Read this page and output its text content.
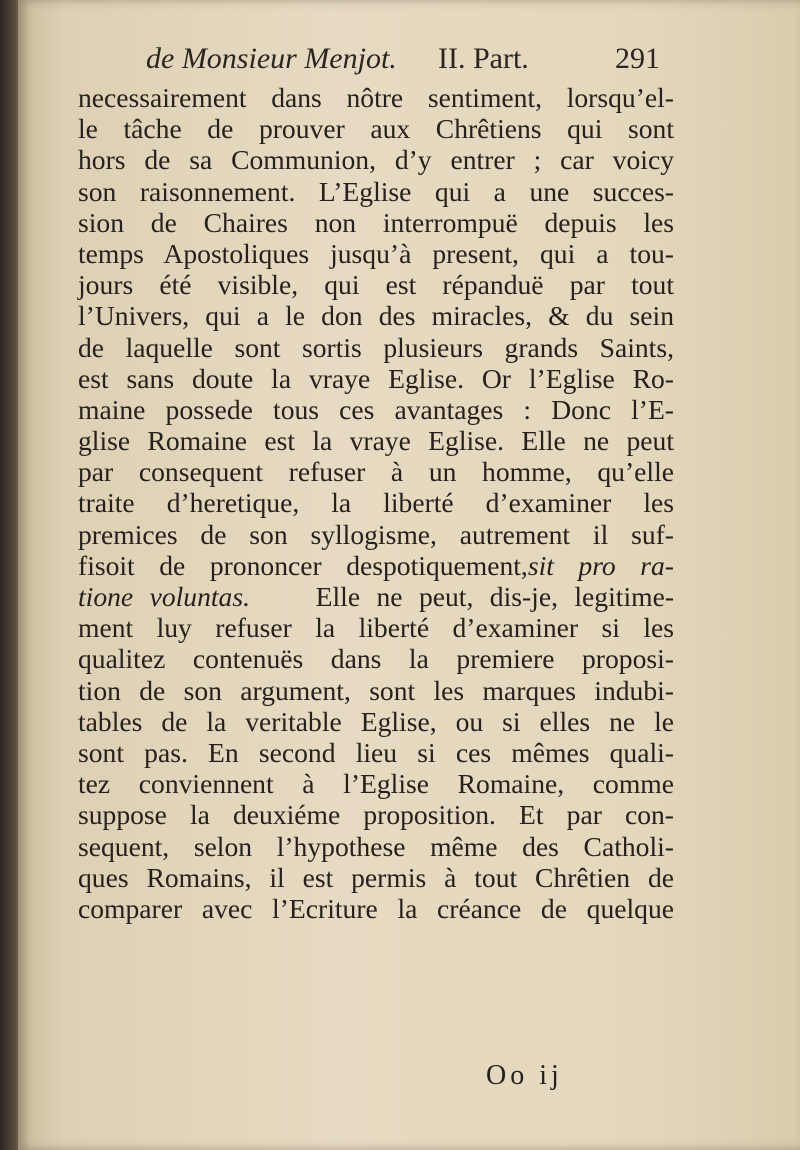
de Monsieur Menjot. II. Part.	291
necessairement dans nôtre sentiment, lorsqu’el-
le tâche de prouver aux Chrêtiens qui sont
hors de sa Communion, d’y entrer ; car voicy
son raisonnement. L’Eglise qui a une succes-
sion de Chaires non interrompuë depuis les
temps Apostoliques jusqu’à present, qui a tou-
jours été visible, qui est répanduë par tout
l’Univers, qui a le don des miracles, & du sein
de laquelle sont sortis plusieurs grands Saints,
est sans doute la vraye Eglise. Or l’Eglise Ro-
maine possede tous ces avantages : Donc l’E-
glise Romaine est la vraye Eglise. Elle ne peut
par consequent refuser à un homme, qu’elle
traite d’heretique, la liberté d’examiner les
premices de son syllogisme, autrement il suf-
fisoit de prononcer despotiquement,sit pro ra-
tione voluntas. Elle ne peut, dis-je, legitime-
ment luy refuser la liberté d’examiner si les
qualitez contenuës dans la premiere proposi-
tion de son argument, sont les marques indubi-
tables de la veritable Eglise, ou si elles ne le
sont pas. En second lieu si ces mêmes quali-
tez conviennent à l’Eglise Romaine, comme
suppose la deuxiéme proposition. Et par con-
sequent, selon l’hypothese même des Catholi-
ques Romains, il est permis à tout Chrêtien de
comparer avec l’Ecriture la créance de quelque
Oo ij
